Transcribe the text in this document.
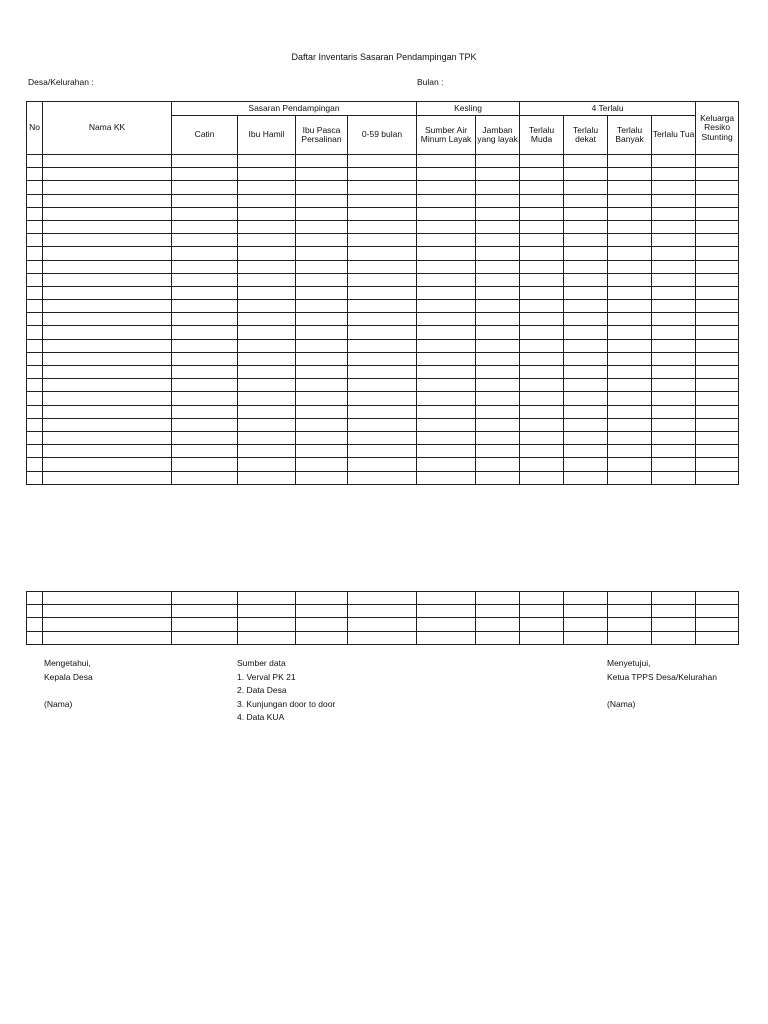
Daftar Inventaris Sasaran Pendampingan TPK
Desa/Kelurahan :	Bulan :
No	Nama KK	Sasaran Pendampingan				Kesling		4 Terlalu				Keluarga Resiko Stunting
		Catin	Ibu Hamil	Ibu Pasca Persalinan	0-59 bulan	Sumber Air Minum Layak	Jamban yang layak	Terlalu Muda	Terlalu dekat	Terlalu Banyak	Terlalu Tua	

Mengetahui,
Kepala Desa
(Nama)
Sumber data
1. Verval PK 21
2. Data Desa
3. Kunjungan door to door
4. Data KUA
Menyetujui,
Ketua TPPS Desa/Kelurahan
(Nama)
